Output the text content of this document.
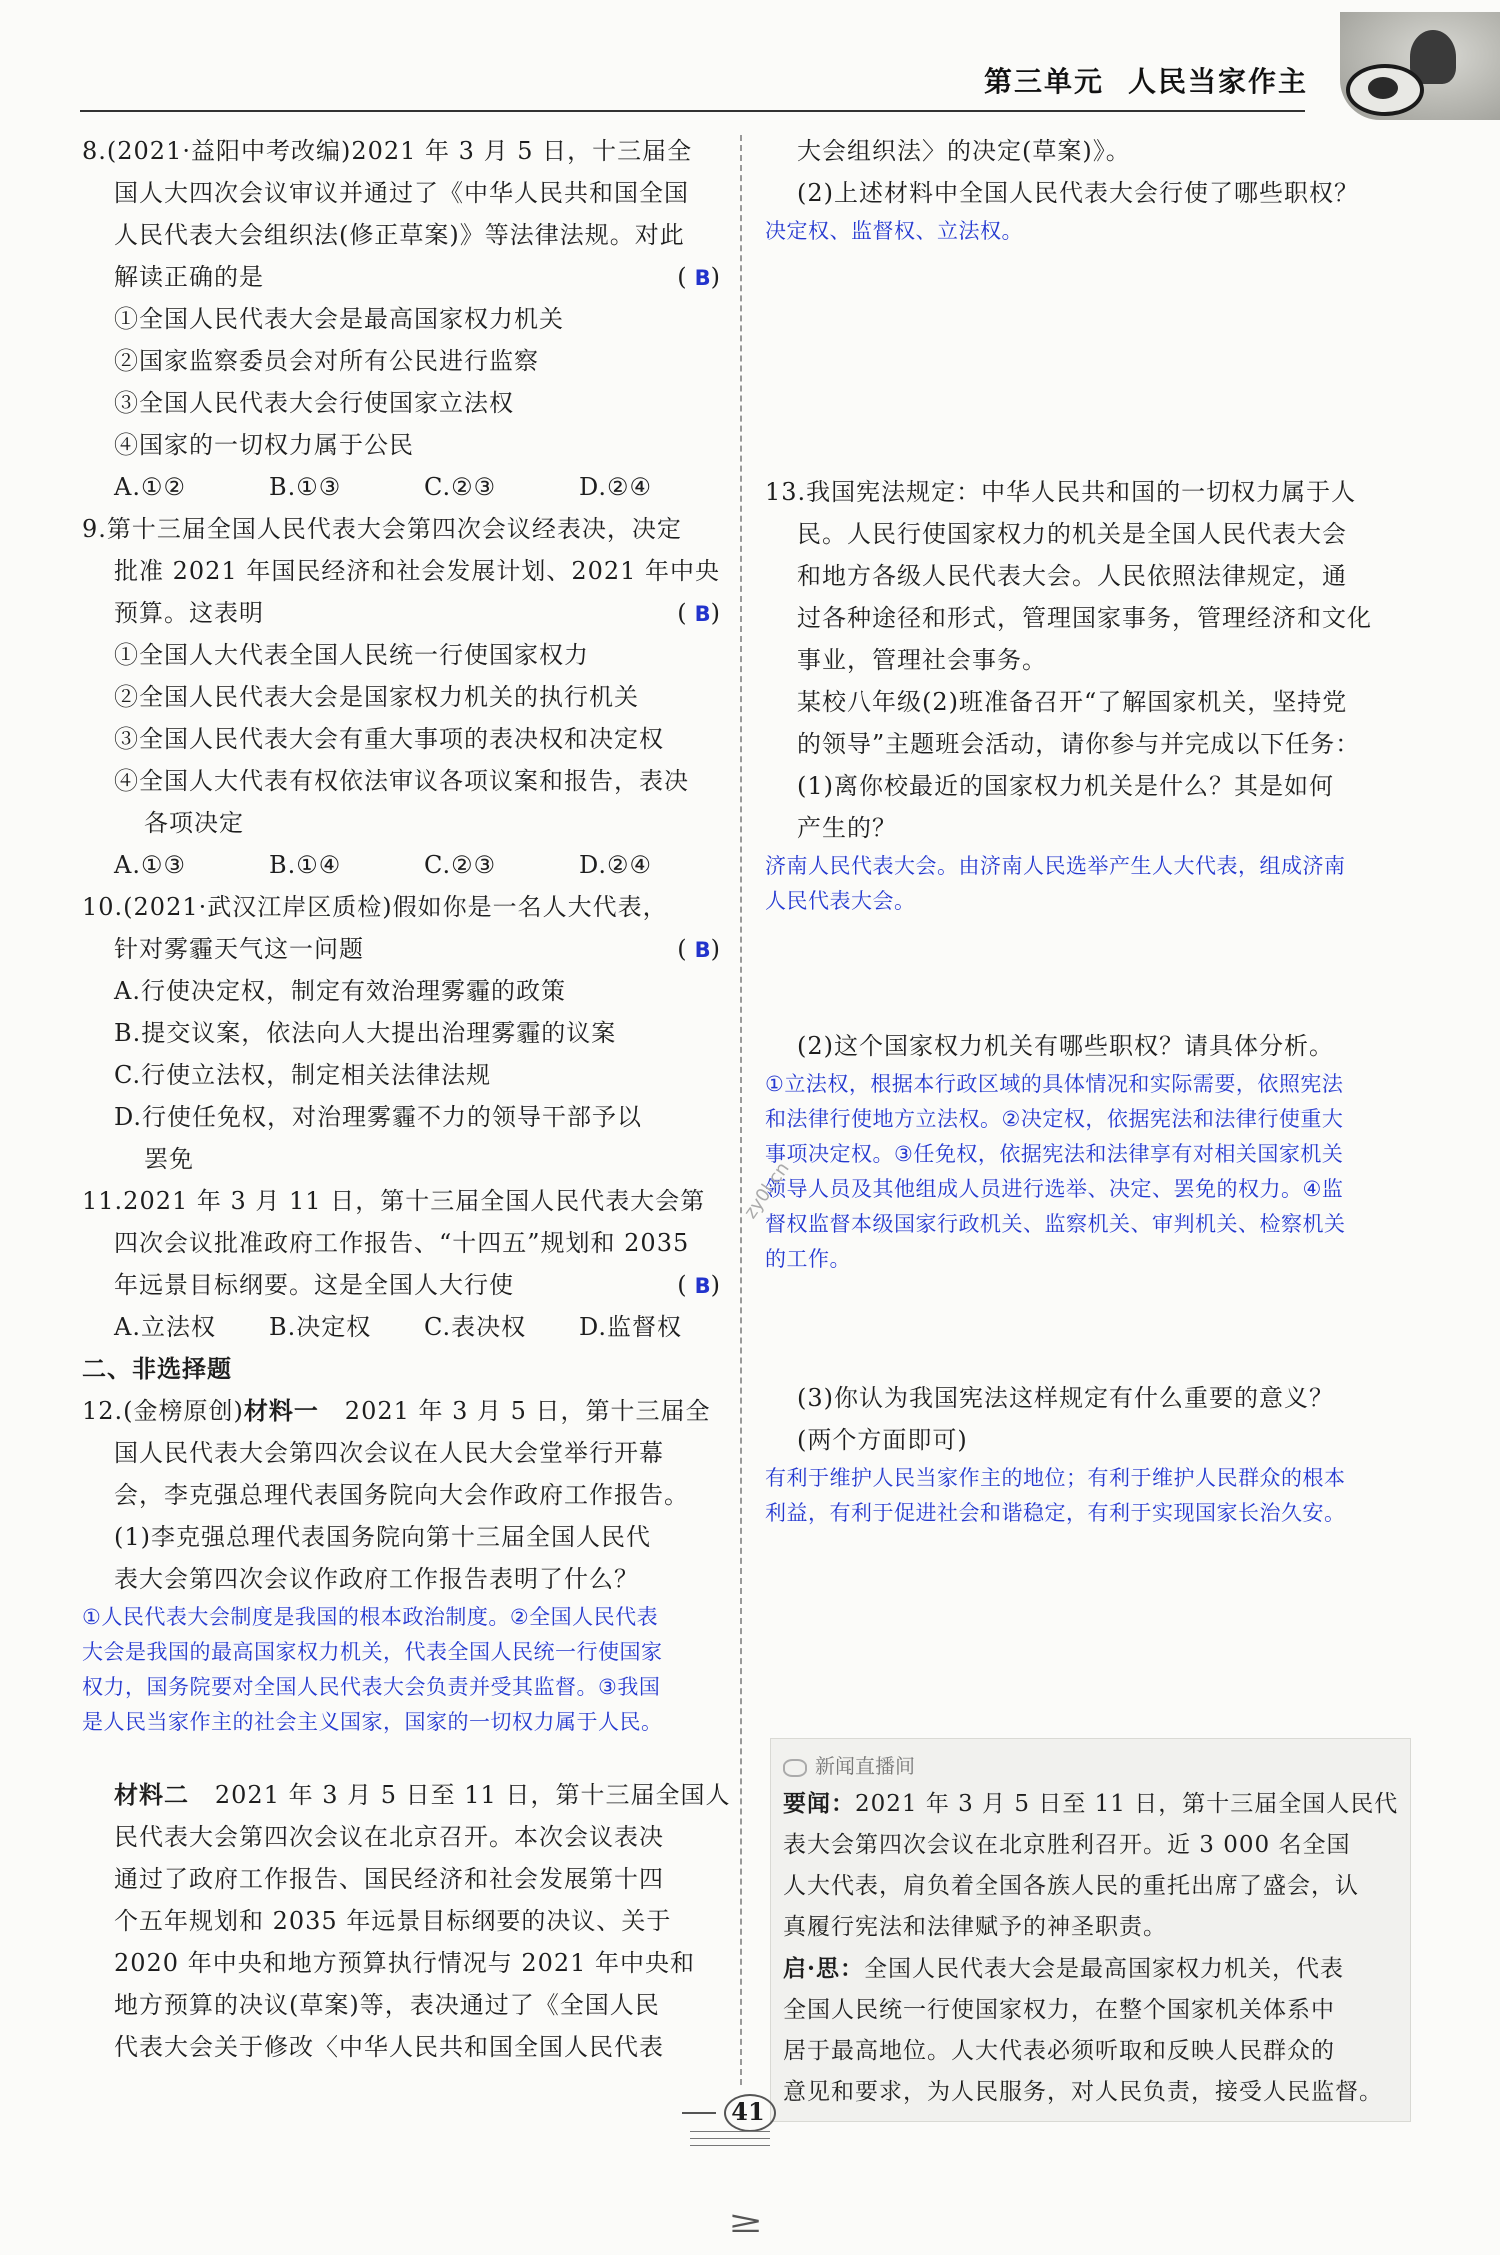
第三单元 人民当家作主
8.(2021·益阳中考改编)2021 年 3 月 5 日，十三届全
国人大四次会议审议并通过了《中华人民共和国全国
人民代表大会组织法(修正草案)》等法律法规。对此
解读正确的是	(B)
①全国人民代表大会是最高国家权力机关
②国家监察委员会对所有公民进行监察
③全国人民代表大会行使国家立法权
④国家的一切权力属于公民
A.①②	B.①③	C.②③	D.②④
9.第十三届全国人民代表大会第四次会议经表决，决定
批准 2021 年国民经济和社会发展计划、2021 年中央
预算。这表明	(B)
①全国人大代表全国人民统一行使国家权力
②全国人民代表大会是国家权力机关的执行机关
③全国人民代表大会有重大事项的表决权和决定权
④全国人大代表有权依法审议各项议案和报告，表决
各项决定
A.①③	B.①④	C.②③	D.②④
10.(2021·武汉江岸区质检)假如你是一名人大代表，
针对雾霾天气这一问题	(B)
A.行使决定权，制定有效治理雾霾的政策
B.提交议案，依法向人大提出治理雾霾的议案
C.行使立法权，制定相关法律法规
D.行使任免权，对治理雾霾不力的领导干部予以
罢免
11.2021 年 3 月 11 日，第十三届全国人民代表大会第
四次会议批准政府工作报告、“十四五”规划和 2035
年远景目标纲要。这是全国人大行使	(B)
A.立法权	B.决定权	C.表决权	D.监督权
二、非选择题
12.(金榜原创)材料一 2021 年 3 月 5 日，第十三届全
国人民代表大会第四次会议在人民大会堂举行开幕
会，李克强总理代表国务院向大会作政府工作报告。
(1)李克强总理代表国务院向第十三届全国人民代
表大会第四次会议作政府工作报告表明了什么？
①人民代表大会制度是我国的根本政治制度。②全国人民代表
大会是我国的最高国家权力机关，代表全国人民统一行使国家
权力，国务院要对全国人民代表大会负责并受其监督。③我国
是人民当家作主的社会主义国家，国家的一切权力属于人民。
材料二 2021 年 3 月 5 日至 11 日，第十三届全国人
民代表大会第四次会议在北京召开。本次会议表决
通过了政府工作报告、国民经济和社会发展第十四
个五年规划和 2035 年远景目标纲要的决议、关于
2020 年中央和地方预算执行情况与 2021 年中央和
地方预算的决议(草案)等，表决通过了《全国人民
代表大会关于修改〈中华人民共和国全国人民代表
大会组织法〉的决定(草案)》。
(2)上述材料中全国人民代表大会行使了哪些职权？
决定权、监督权、立法权。
13.我国宪法规定：中华人民共和国的一切权力属于人
民。人民行使国家权力的机关是全国人民代表大会
和地方各级人民代表大会。人民依照法律规定，通
过各种途径和形式，管理国家事务，管理经济和文化
事业，管理社会事务。
某校八年级(2)班准备召开“了解国家机关，坚持党
的领导”主题班会活动，请你参与并完成以下任务：
(1)离你校最近的国家权力机关是什么？其是如何
产生的？
济南人民代表大会。由济南人民选举产生人大代表，组成济南
人民代表大会。
(2)这个国家权力机关有哪些职权？请具体分析。
①立法权，根据本行政区域的具体情况和实际需要，依照宪法
和法律行使地方立法权。②决定权，依据宪法和法律行使重大
事项决定权。③任免权，依据宪法和法律享有对相关国家机关
领导人员及其他组成人员进行选举、决定、罢免的权力。④监
督权监督本级国家行政机关、监察机关、审判机关、检察机关
的工作。
(3)你认为我国宪法这样规定有什么重要的意义？
(两个方面即可)
有利于维护人民当家作主的地位；有利于维护人民群众的根本
利益，有利于促进社会和谐稳定，有利于实现国家长治久安。
新闻直播间
要闻：2021 年 3 月 5 日至 11 日，第十三届全国人民代
表大会第四次会议在北京胜利召开。近 3 000 名全国
人大代表，肩负着全国各族人民的重托出席了盛会，认
真履行宪法和法律赋予的神圣职责。
启·思：全国人民代表大会是最高国家权力机关，代表
全国人民统一行使国家权力，在整个国家机关体系中
居于最高地位。人大代表必须听取和反映人民群众的
意见和要求，为人民服务，对人民负责，接受人民监督。
zy0l.cn
41
≥
